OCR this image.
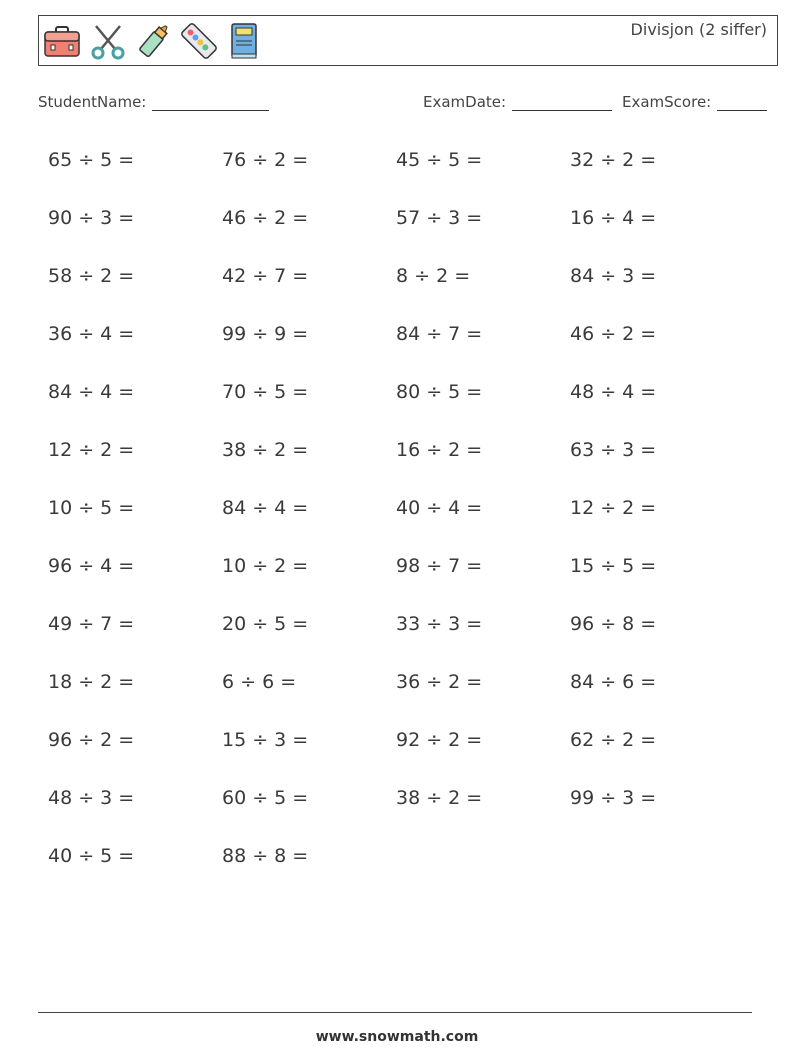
Divisjon (2 siffer)
StudentName:	ExamDate:	ExamScore:
65 ÷ 5 =	76 ÷ 2 =	45 ÷ 5 =	32 ÷ 2 =
90 ÷ 3 =	46 ÷ 2 =	57 ÷ 3 =	16 ÷ 4 =
58 ÷ 2 =	42 ÷ 7 =	8 ÷ 2 =	84 ÷ 3 =
36 ÷ 4 =	99 ÷ 9 =	84 ÷ 7 =	46 ÷ 2 =
84 ÷ 4 =	70 ÷ 5 =	80 ÷ 5 =	48 ÷ 4 =
12 ÷ 2 =	38 ÷ 2 =	16 ÷ 2 =	63 ÷ 3 =
10 ÷ 5 =	84 ÷ 4 =	40 ÷ 4 =	12 ÷ 2 =
96 ÷ 4 =	10 ÷ 2 =	98 ÷ 7 =	15 ÷ 5 =
49 ÷ 7 =	20 ÷ 5 =	33 ÷ 3 =	96 ÷ 8 =
18 ÷ 2 =	6 ÷ 6 =	36 ÷ 2 =	84 ÷ 6 =
96 ÷ 2 =	15 ÷ 3 =	92 ÷ 2 =	62 ÷ 2 =
48 ÷ 3 =	60 ÷ 5 =	38 ÷ 2 =	99 ÷ 3 =
40 ÷ 5 =	88 ÷ 8 =
www.snowmath.com
